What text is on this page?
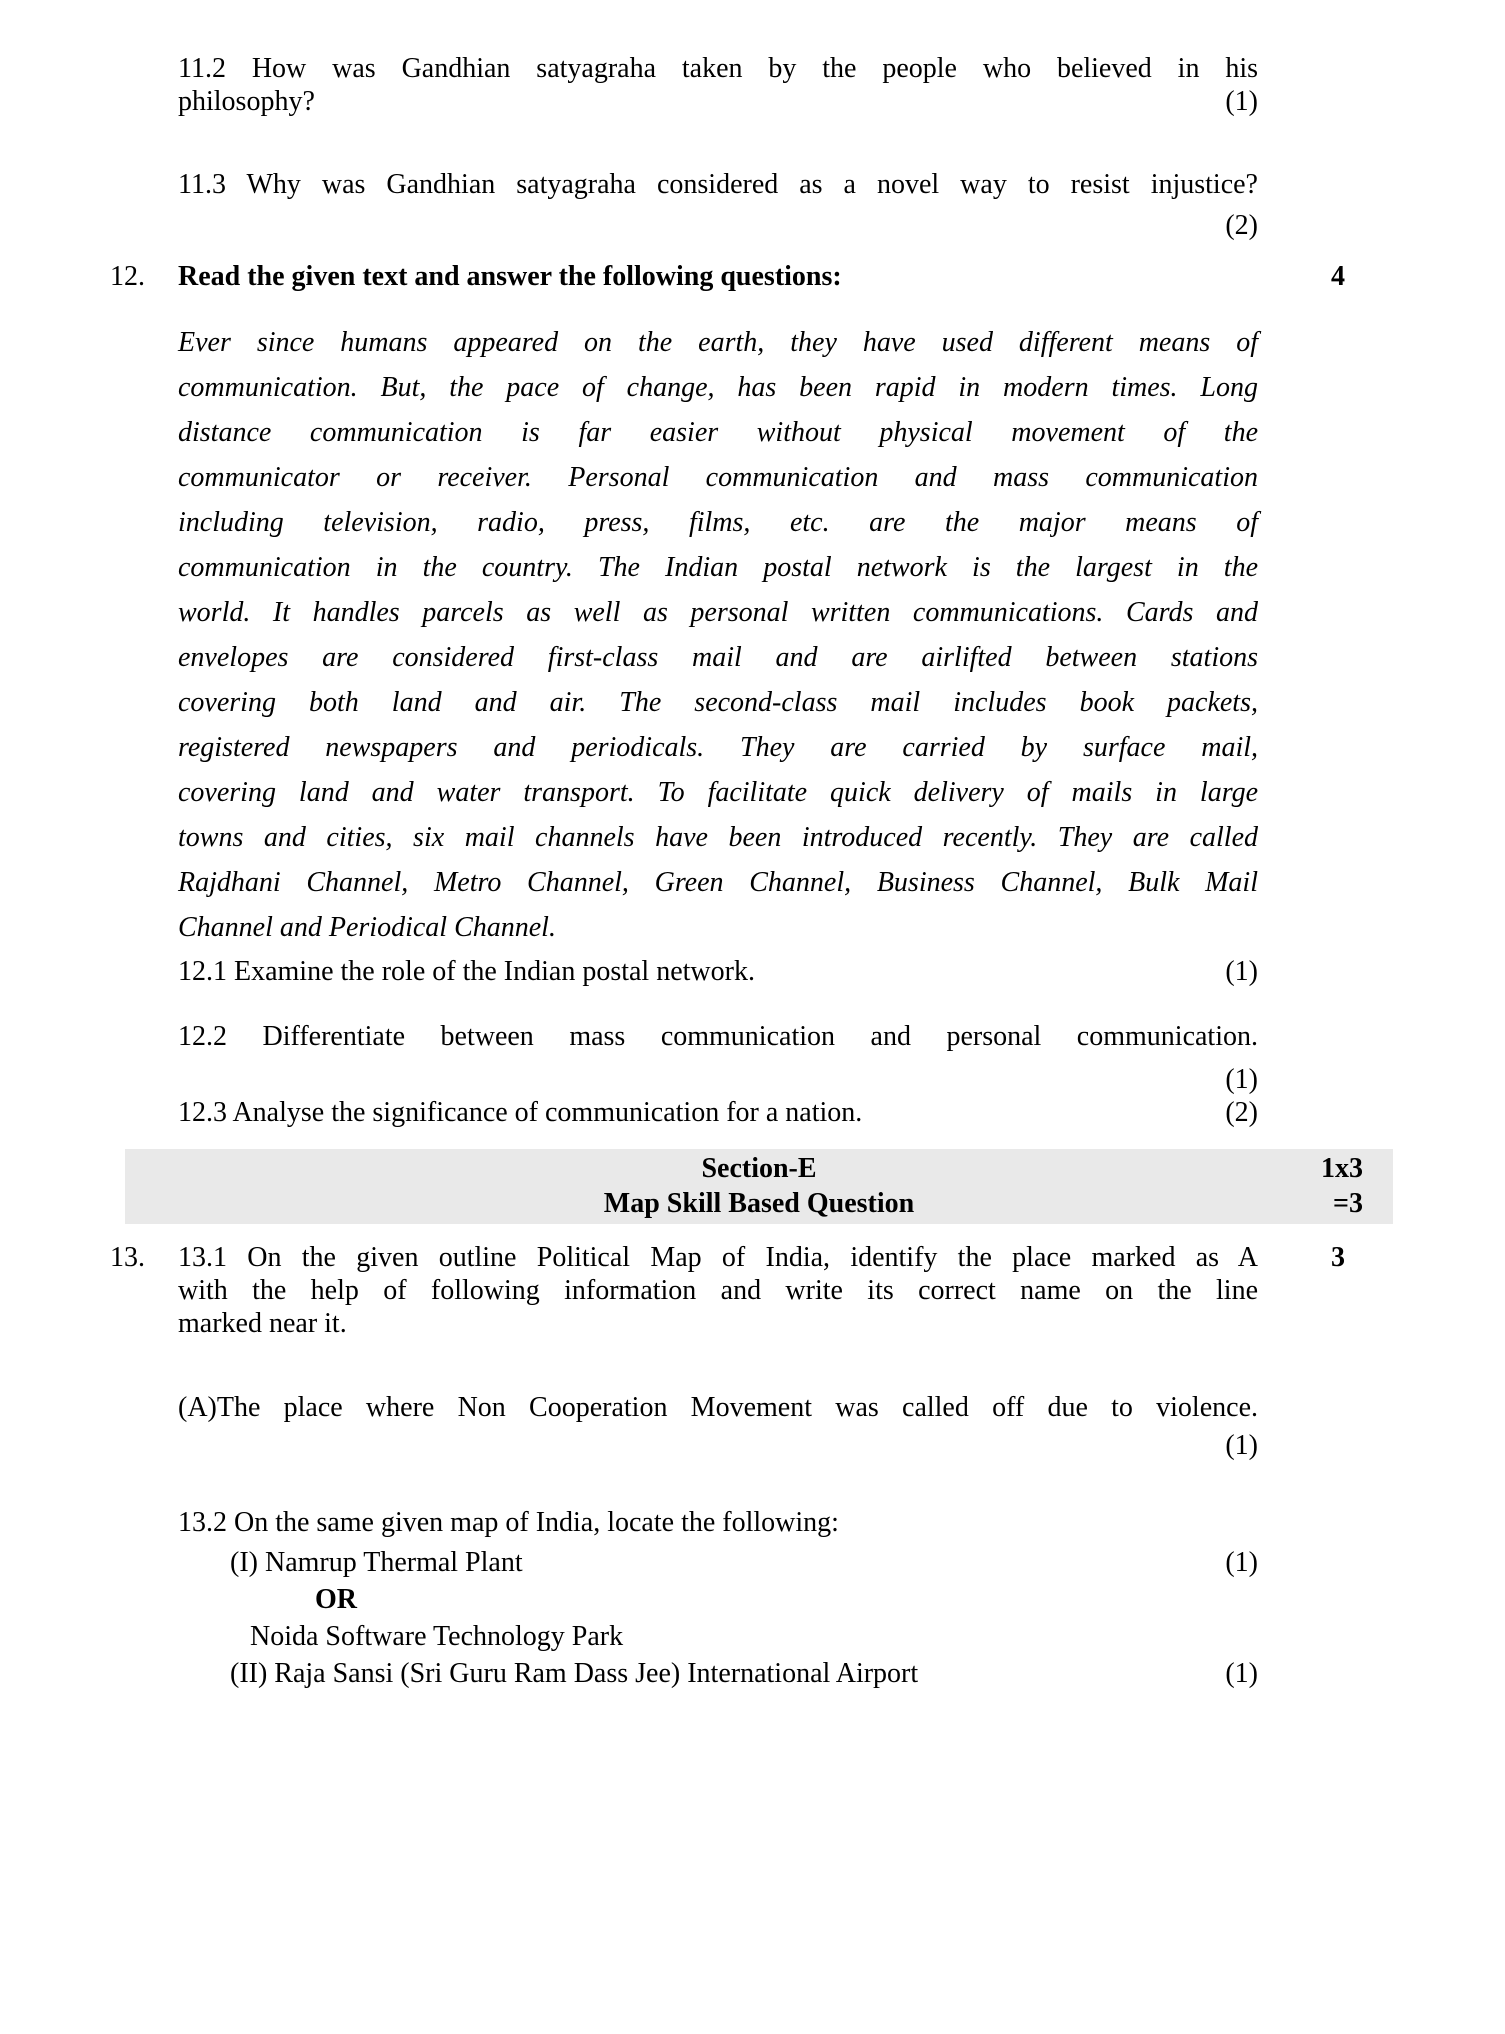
11.2 How was Gandhian satyagraha taken by the people who believed in his
philosophy?	(1)
11.3 Why was Gandhian satyagraha considered as a novel way to resist injustice?
(2)
12.	Read the given text and answer the following questions:	4
Ever since humans appeared on the earth, they have used different means of
communication. But, the pace of change, has been rapid in modern times. Long
distance communication is far easier without physical movement of the
communicator or receiver. Personal communication and mass communication
including television, radio, press, films, etc. are the major means of
communication in the country. The Indian postal network is the largest in the
world. It handles parcels as well as personal written communications. Cards and
envelopes are considered first-class mail and are airlifted between stations
covering both land and air. The second-class mail includes book packets,
registered newspapers and periodicals. They are carried by surface mail,
covering land and water transport. To facilitate quick delivery of mails in large
towns and cities, six mail channels have been introduced recently. They are called
Rajdhani Channel, Metro Channel, Green Channel, Business Channel, Bulk Mail
Channel and Periodical Channel.
12.1 Examine the role of the Indian postal network.	(1)
12.2 Differentiate between mass communication and personal communication.
(1)
12.3 Analyse the significance of communication for a nation.	(2)
Section-E
Map Skill Based Question
1x3
=3
13.	13.1 On the given outline Political Map of India, identify the place marked as A
with the help of following information and write its correct name on the line
marked near it.
3
(A)The place where Non Cooperation Movement was called off due to violence.
(1)
13.2 On the same given map of India, locate the following:
(I) Namrup Thermal Plant	(1)
OR
Noida Software Technology Park
(II) Raja Sansi (Sri Guru Ram Dass Jee) International Airport	(1)
